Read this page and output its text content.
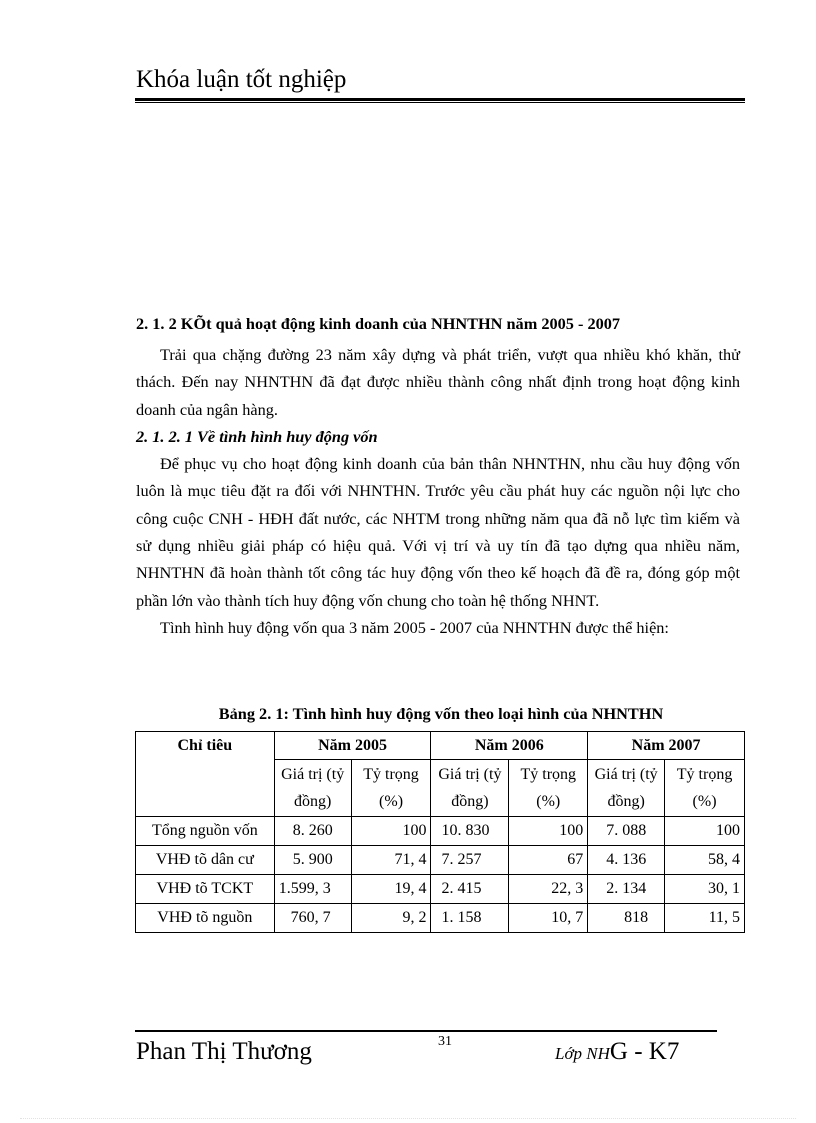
Khóa luận tốt nghiệp
2. 1. 2 KÕt quả hoạt động kinh doanh của NHNTHN năm 2005 - 2007

Trải qua chặng đường 23 năm xây dựng và phát triển, vượt qua nhiều khó khăn, thử thách. Đến nay NHNTHN đã đạt được nhiều thành công nhất định trong hoạt động kinh doanh của ngân hàng.

2. 1. 2. 1 Về tình hình huy động vốn

Để phục vụ cho hoạt động kinh doanh của bản thân NHNTHN, nhu cầu huy động vốn luôn là mục tiêu đặt ra đối với NHNTHN. Trước yêu cầu phát huy các nguồn nội lực cho công cuộc CNH - HĐH đất nước, các NHTM trong những năm qua đã nỗ lực tìm kiếm và sử dụng nhiều giải pháp có hiệu quả. Với vị trí và uy tín đã tạo dựng qua nhiều năm, NHNTHN đã hoàn thành tốt công tác huy động vốn theo kế hoạch đã đề ra, đóng góp một phần lớn vào thành tích huy động vốn chung cho toàn hệ thống NHNT.

Tình hình huy động vốn qua 3 năm 2005 - 2007 của NHNTHN được thể hiện:

Bảng 2. 1: Tình hình huy động vốn theo loại hình của NHNTHN
Chỉ tiêu	Năm 2005		Năm 2006		Năm 2007	
	Giá trị (tỷ đồng)	Tỷ trọng (%)	Giá trị (tỷ đồng)	Tỷ trọng (%)	Giá trị (tỷ đồng)	Tỷ trọng (%)
Tổng nguồn vốn	8. 260	100	10. 830	100	7. 088	100
VHĐ tõ dân cư	5. 900	71, 4	7. 257	67	4. 136	58, 4
VHĐ tõ TCKT	1.599, 3	19, 4	2. 415	22, 3	2. 134	30, 1
VHĐ tõ nguồn	760, 7	9, 2	1. 158	10, 7	818	11, 5
Phan Thị Thương	31
Lớp NHG - K7
